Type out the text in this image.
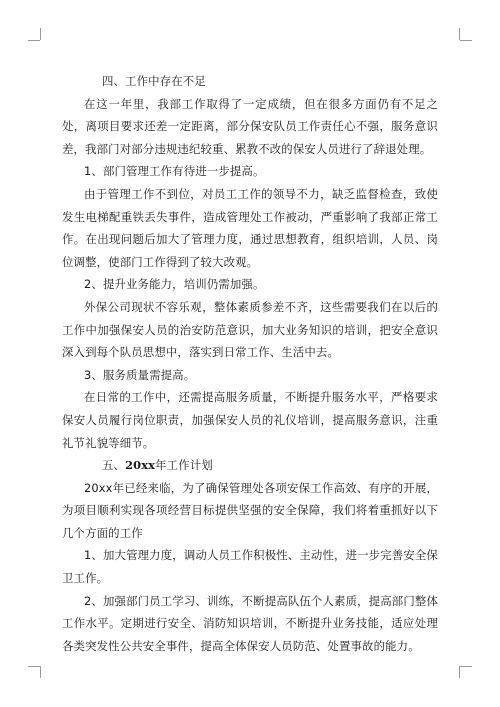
四、工作中存在不足

在这一年里，我部工作取得了一定成绩，但在很多方面仍有不足之处，离项目要求还差一定距离，部分保安队员工作责任心不强，服务意识差，我部门对部分违规违纪较重、累教不改的保安人员进行了辞退处理。

1、部门管理工作有待进一步提高。

由于管理工作不到位，对员工工作的领导不力，缺乏监督检查，致使发生电梯配重铁丢失事件，造成管理处工作被动，严重影响了我部正常工作。在出现问题后加大了管理力度，通过思想教育，组织培训，人员、岗位调整，使部门工作得到了较大改观。

2、提升业务能力，培训仍需加强。

外保公司现状不容乐观，整体素质参差不齐，这些需要我们在以后的工作中加强保安人员的治安防范意识，加大业务知识的培训，把安全意识深入到每个队员思想中，落实到日常工作、生活中去。

3、服务质量需提高。

在日常的工作中，还需提高服务质量，不断提升服务水平，严格要求保安人员履行岗位职责，加强保安人员的礼仪培训，提高服务意识，注重礼节礼貌等细节。

五、20xx年工作计划

20xx年已经来临，为了确保管理处各项安保工作高效、有序的开展，为项目顺利实现各项经营目标提供坚强的安全保障，我们将着重抓好以下几个方面的工作

1、加大管理力度，调动人员工作积极性、主动性，进一步完善安全保卫工作。

2、加强部门员工学习、训练，不断提高队伍个人素质，提高部门整体工作水平。定期进行安全、消防知识培训，不断提升业务技能，适应处理各类突发性公共安全事件，提高全体保安人员防范、处置事故的能力。
